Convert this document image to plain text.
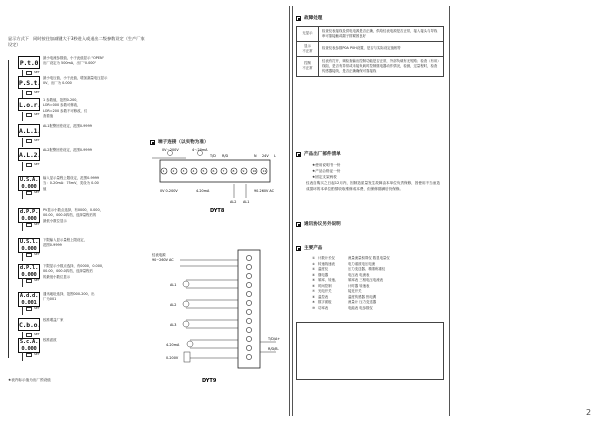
显示方式下　同时按住加减键大于3秒进入或退出二级参数设定（生产厂家设定）
P.t.0
SET
最小电流参数值，小于此值显示 "OPEN"
出厂设定为 500mA，出厂"0.000"
P.S.t.
SET
最小电压值，小于此值，增加漏量电压显示
0V，出厂为 0.000
L.o.r.
SET
1 参数值，范围0-200，
LOR=000 参数可修改，
LOR=200 参数不可修改，仅
查看值
A.L.1.
SET
AL1报警回差设定，范围0-9999
A.L.2.
SET
AL2报警回差设定，范围0-9999
U.S.A.
0.000
SET
输入显示量程上限设定，范围0-9999
当：0-20mA：75mV，类设为 0-00
值
d.P.P.
0.000
SET
PV显示小数点选择，有0000，0.000，
00.00，000.0四档，选择量程后的
最低小数位显示
U.S.l.
0.000
SET
下限输入显示量程上限设定，
范围0-9999
d.P.l.
0.000
SET
下限显示小数点选择，有0000，0.000，
00.00，000.0四档，选择量程后
的最低小数位显示
A.d.d.
0.001
SET
通讯地址选择，范围000-200，出
厂为001
C.b.o.
SET
校准增益厂家
S.c.A.
0.000
SET
校准滤波
★表内标示值为出厂预设值
端子连接（以实物为准）
1	2	3	4	5	6	7	8	9	10 11
0V～200V	4～20mA
T/D R/D	24V
0V 0-200V	4-20mA
AL2 AL1
90-260V AC
N	L
DYT8
仪表电源
90~260V AC
AL1
AL2
AL3
4-20mA
0-200V
T/D/A+
R/D/B-
DYT9
故障处理
无显示	检查仪表接线及供电电源是否正确，供给仪表电源是否正常，接入接头与导线串可靠接触或端子排紧固良好
显示
不正常	检查仪表参数P0A P0H设置，是否与实际设定值相符
控制
不正常	仪表有打开，调检查输出控制功能是否正常，外部负载有无短路；检查（有用）线阻，是否有异常或未接负载时控制继电器动作情况，检测，过量程时，检查传感器接线，是否正确确保可靠接线
产品出厂部件清单
★使用说明书一份
★产品合格证一份
★固定支架两枚
仪表自购买之日起12月内，因制造质量发生故障由本单位负责保修，因使用不当而造成损坏的本单位酌情收取维修成本费，但保修期满后仍保修。
通讯协议另外说明
主要产品
① 计数计长仪	流量流量积算仪 数显电量仪
② 转速线速表	电力谐波电压电流
③ 温度仪	压力变送器、精准称重仪
④ 继电器	电压表 电流表
⑤ 频率、转速、	频率表 三相电压电流表
⑥ 时间控制	计时器 转速表
⑦ 光电开关	接近开关
⑧ 温控表	温度传感器 热电偶
⑨ 数字面板	流量计 压力变送器
⑩ 功率表	电能表 电参数仪
2
